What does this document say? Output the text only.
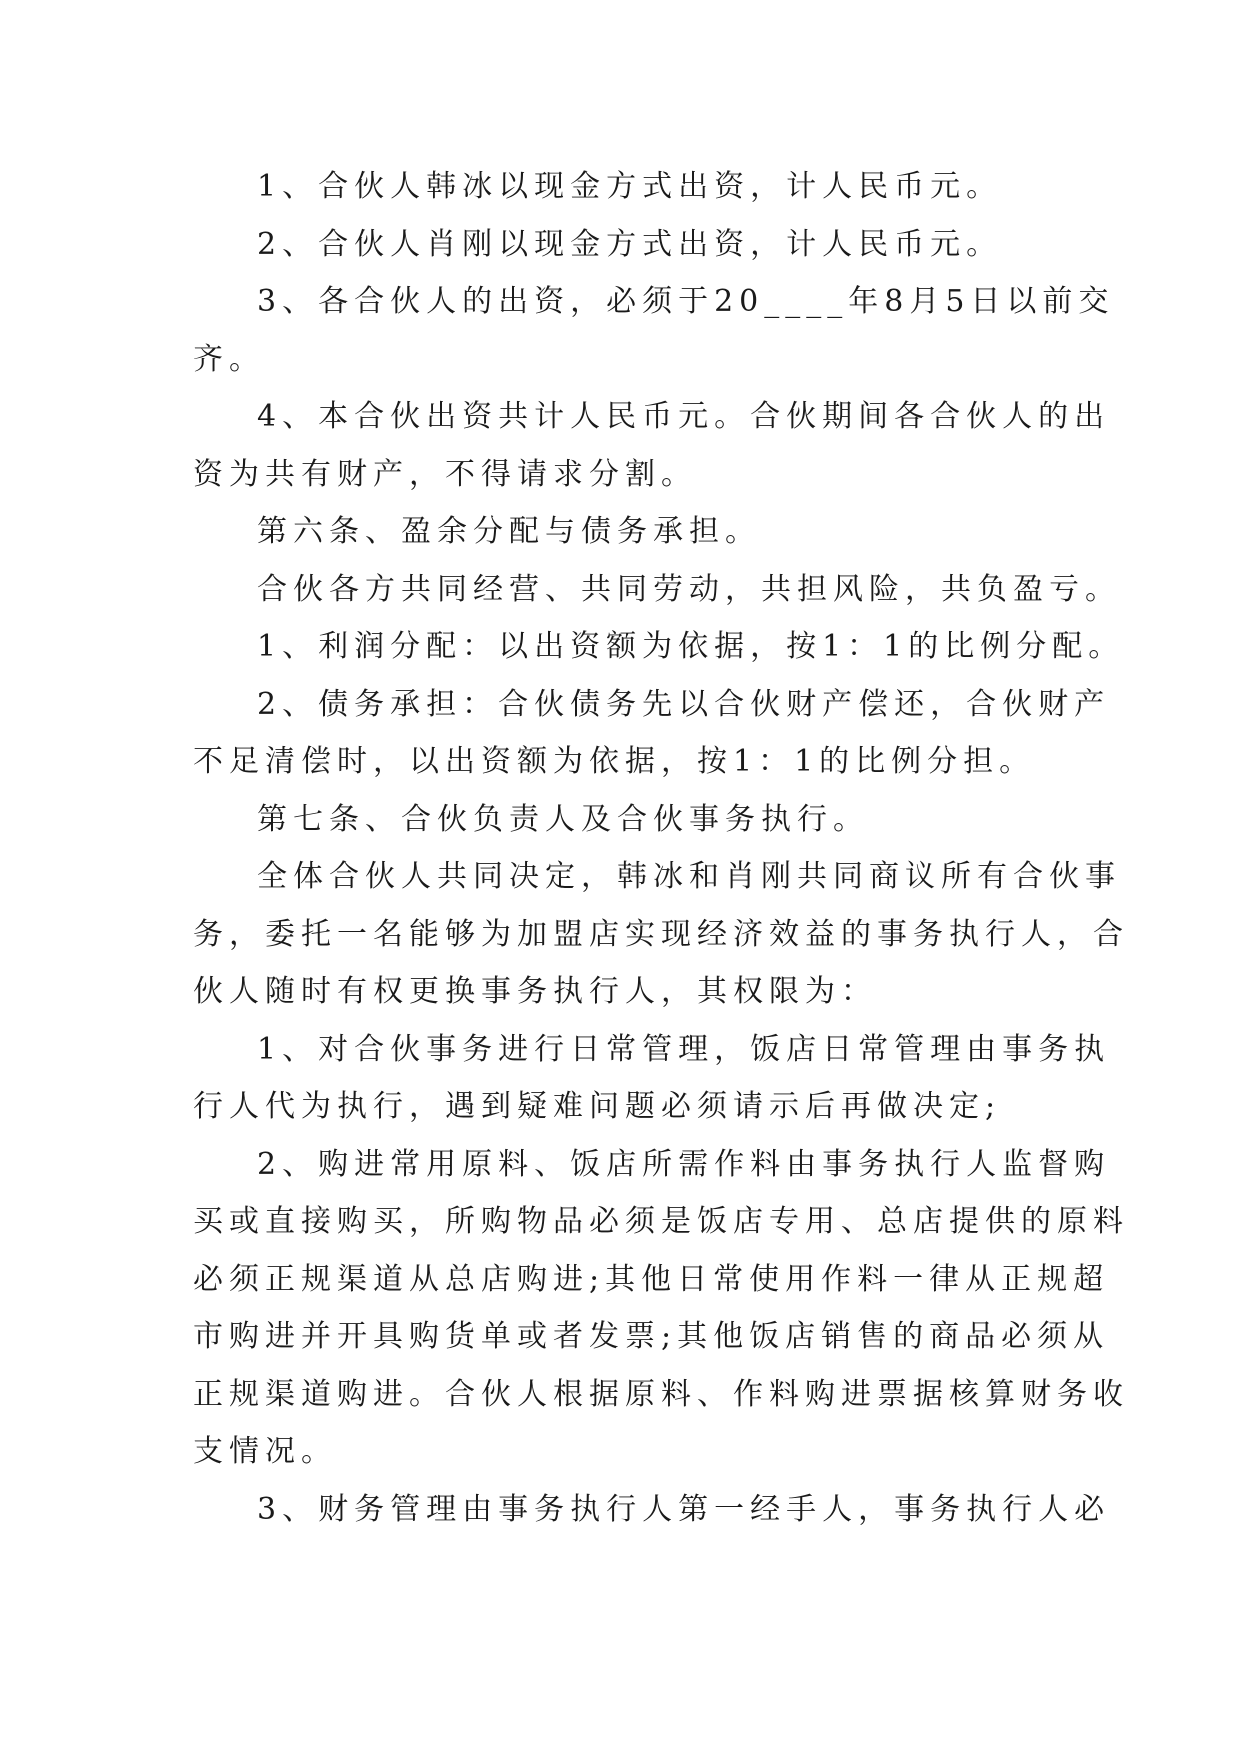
1、合伙人韩冰以现金方式出资，计人民币元。
2、合伙人肖刚以现金方式出资，计人民币元。
3、各合伙人的出资，必须于20____年8月5日以前交
齐。
4、本合伙出资共计人民币元。合伙期间各合伙人的出
资为共有财产，不得请求分割。
第六条、盈余分配与债务承担。
合伙各方共同经营、共同劳动，共担风险，共负盈亏。
1、利润分配：以出资额为依据，按1：1的比例分配。
2、债务承担：合伙债务先以合伙财产偿还，合伙财产
不足清偿时，以出资额为依据，按1：1的比例分担。
第七条、合伙负责人及合伙事务执行。
全体合伙人共同决定，韩冰和肖刚共同商议所有合伙事
务，委托一名能够为加盟店实现经济效益的事务执行人，合
伙人随时有权更换事务执行人，其权限为：
1、对合伙事务进行日常管理，饭店日常管理由事务执
行人代为执行，遇到疑难问题必须请示后再做决定;
2、购进常用原料、饭店所需作料由事务执行人监督购
买或直接购买，所购物品必须是饭店专用、总店提供的原料
必须正规渠道从总店购进;其他日常使用作料一律从正规超
市购进并开具购货单或者发票;其他饭店销售的商品必须从
正规渠道购进。合伙人根据原料、作料购进票据核算财务收
支情况。
3、财务管理由事务执行人第一经手人，事务执行人必
